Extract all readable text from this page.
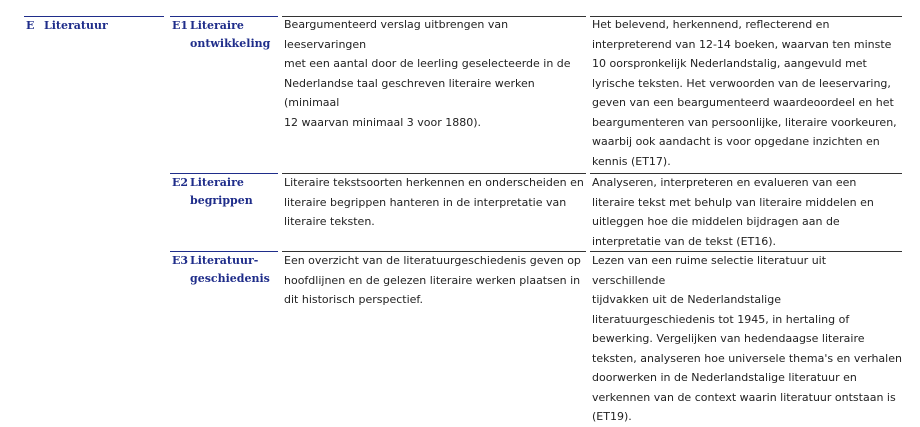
E Literatuur	E1 Literaire
ontwikkeling
Beargumenteerd verslag uitbrengen van leeservaringen
met een aantal door de leerling geselecteerde in de
Nederlandse taal geschreven literaire werken (minimaal
12 waarvan minimaal 3 voor 1880).
Het belevend, herkennend, reflecterend en
interpreterend van 12-14 boeken, waarvan ten minste
10 oorspronkelijk Nederlandstalig, aangevuld met
lyrische teksten. Het verwoorden van de leeservaring,
geven van een beargumenteerd waardeoordeel en het
beargumenteren van persoonlijke, literaire voorkeuren,
waarbij ook aandacht is voor opgedane inzichten en
kennis (ET17).
E2 Literaire
begrippen
Literaire tekstsoorten herkennen en onderscheiden en
literaire begrippen hanteren in de interpretatie van
literaire teksten.
Analyseren, interpreteren en evalueren van een
literaire tekst met behulp van literaire middelen en
uitleggen hoe die middelen bijdragen aan de
interpretatie van de tekst (ET16).
E3 Literatuur-
geschiedenis
Een overzicht van de literatuurgeschiedenis geven op
hoofdlijnen en de gelezen literaire werken plaatsen in
dit historisch perspectief.
Lezen van een ruime selectie literatuur uit verschillende
tijdvakken uit de Nederlandstalige
literatuurgeschiedenis tot 1945, in hertaling of
bewerking. Vergelijken van hedendaagse literaire
teksten, analyseren hoe universele thema's en verhalen
doorwerken in de Nederlandstalige literatuur en
verkennen van de context waarin literatuur ontstaan is
(ET19).
